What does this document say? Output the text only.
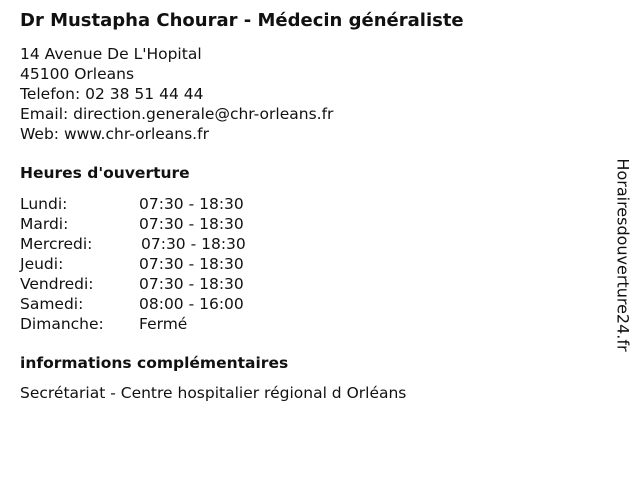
Dr Mustapha Chourar - Médecin généraliste
14 Avenue De L'Hopital
45100 Orleans
Telefon: 02 38 51 44 44
Email: direction.generale@chr-orleans.fr
Web: www.chr-orleans.fr
Heures d'ouverture
Lundi:	07:30 - 18:30
Mardi:	07:30 - 18:30
Mercredi:	07:30 - 18:30
Jeudi:	07:30 - 18:30
Vendredi:	07:30 - 18:30
Samedi:	08:00 - 16:00
Dimanche:	Fermé
informations complémentaires
Secrétariat - Centre hospitalier régional d Orléans
Horairesdouverture24.fr
